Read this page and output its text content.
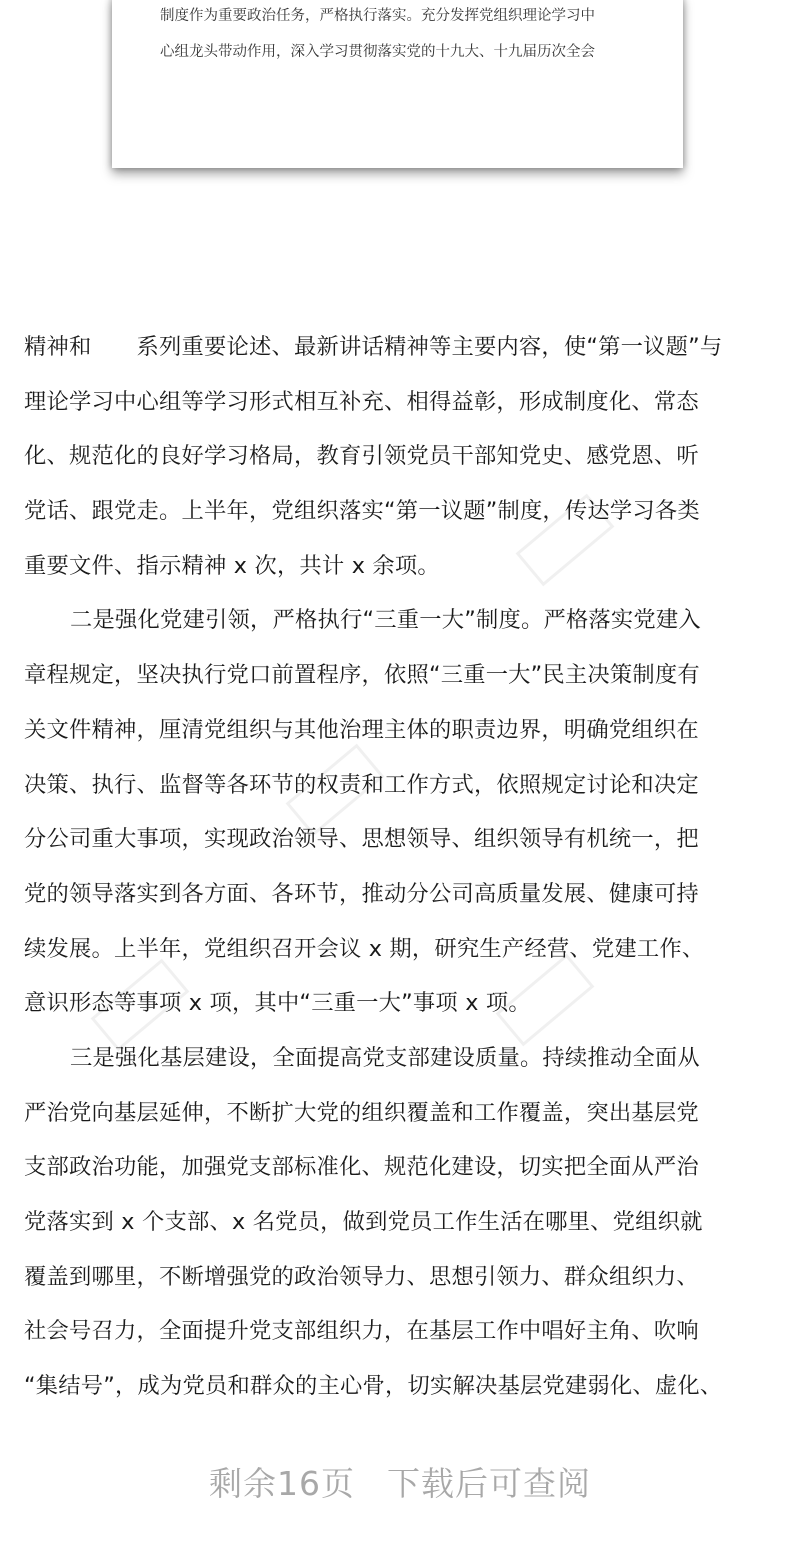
制度作为重要政治任务，严格执行落实。充分发挥党组织理论学习中
心组龙头带动作用，深入学习贯彻落实党的十九大、十九届历次全会
精神和　　系列重要论述、最新讲话精神等主要内容，使“第一议题”与
理论学习中心组等学习形式相互补充、相得益彰，形成制度化、常态
化、规范化的良好学习格局，教育引领党员干部知党史、感党恩、听
党话、跟党走。上半年，党组织落实“第一议题”制度，传达学习各类
重要文件、指示精神 x 次，共计 x 余项。
二是强化党建引领，严格执行“三重一大”制度。严格落实党建入
章程规定，坚决执行党口前置程序，依照“三重一大”民主决策制度有
关文件精神，厘清党组织与其他治理主体的职责边界，明确党组织在
决策、执行、监督等各环节的权责和工作方式，依照规定讨论和决定
分公司重大事项，实现政治领导、思想领导、组织领导有机统一，把
党的领导落实到各方面、各环节，推动分公司高质量发展、健康可持
续发展。上半年，党组织召开会议 x 期，研究生产经营、党建工作、
意识形态等事项 x 项，其中“三重一大”事项 x 项。
三是强化基层建设，全面提高党支部建设质量。持续推动全面从
严治党向基层延伸，不断扩大党的组织覆盖和工作覆盖，突出基层党
支部政治功能，加强党支部标准化、规范化建设，切实把全面从严治
党落实到 x 个支部、x 名党员，做到党员工作生活在哪里、党组织就
覆盖到哪里，不断增强党的政治领导力、思想引领力、群众组织力、
社会号召力，全面提升党支部组织力，在基层工作中唱好主角、吹响
“集结号”，成为党员和群众的主心骨，切实解决基层党建弱化、虚化、
剩余16页 下载后可查阅
